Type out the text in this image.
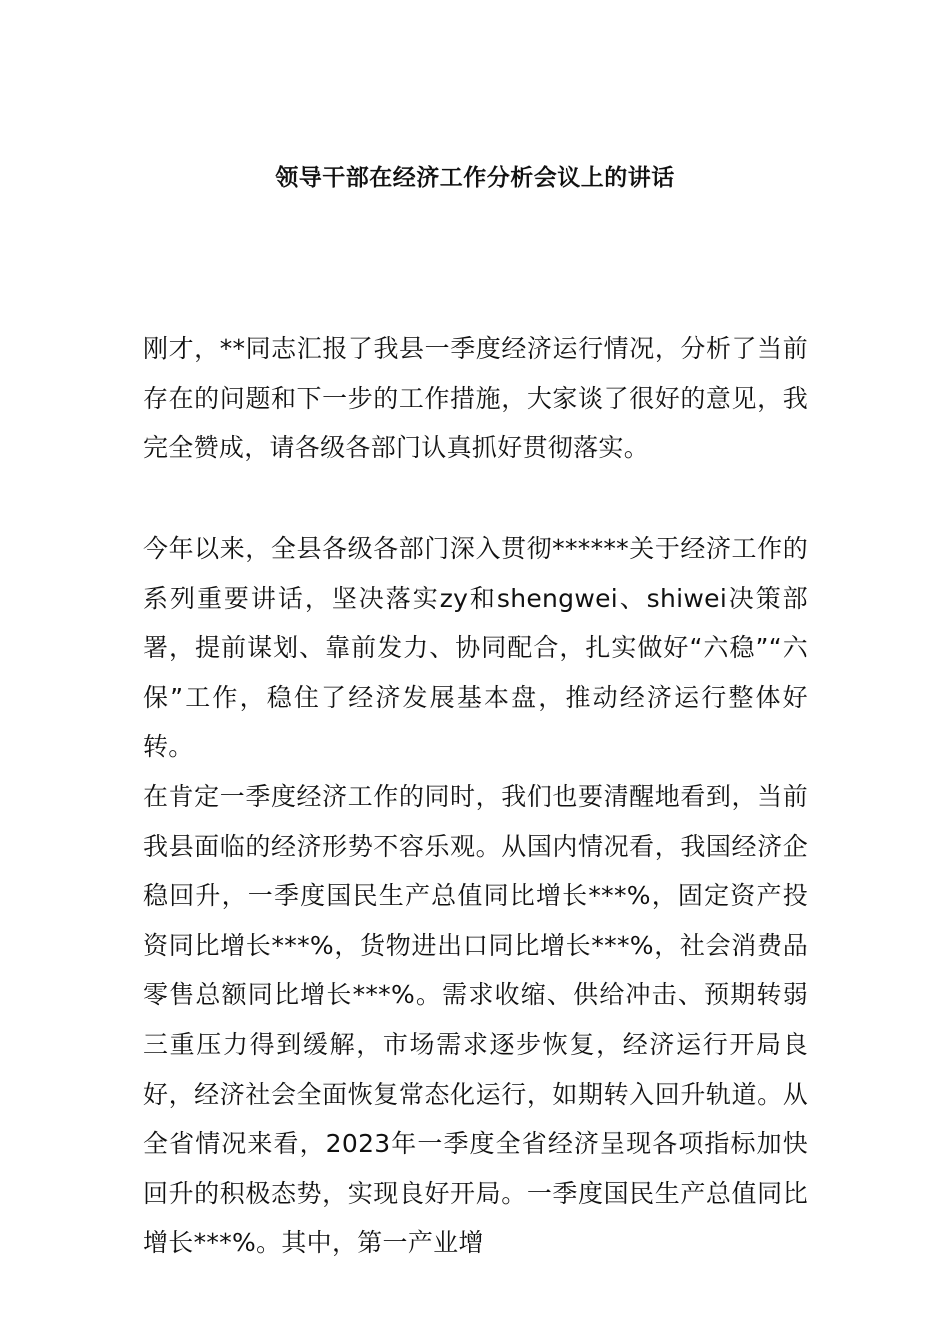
领导干部在经济工作分析会议上的讲话

刚才，**同志汇报了我县一季度经济运行情况，分析了当前存在的问题和下一步的工作措施，大家谈了很好的意见，我完全赞成，请各级各部门认真抓好贯彻落实。

今年以来，全县各级各部门深入贯彻******关于经济工作的系列重要讲话，坚决落实zy和shengwei、shiwei决策部署，提前谋划、靠前发力、协同配合，扎实做好“六稳”“六保”工作，稳住了经济发展基本盘，推动经济运行整体好转。

在肯定一季度经济工作的同时，我们也要清醒地看到，当前我县面临的经济形势不容乐观。从国内情况看，我国经济企稳回升，一季度国民生产总值同比增长***%，固定资产投资同比增长***%，货物进出口同比增长***%，社会消费品零售总额同比增长***%。需求收缩、供给冲击、预期转弱三重压力得到缓解，市场需求逐步恢复，经济运行开局良好，经济社会全面恢复常态化运行，如期转入回升轨道。从全省情况来看，2023年一季度全省经济呈现各项指标加快回升的积极态势，实现良好开局。一季度国民生产总值同比增长***%。其中，第一产业增
